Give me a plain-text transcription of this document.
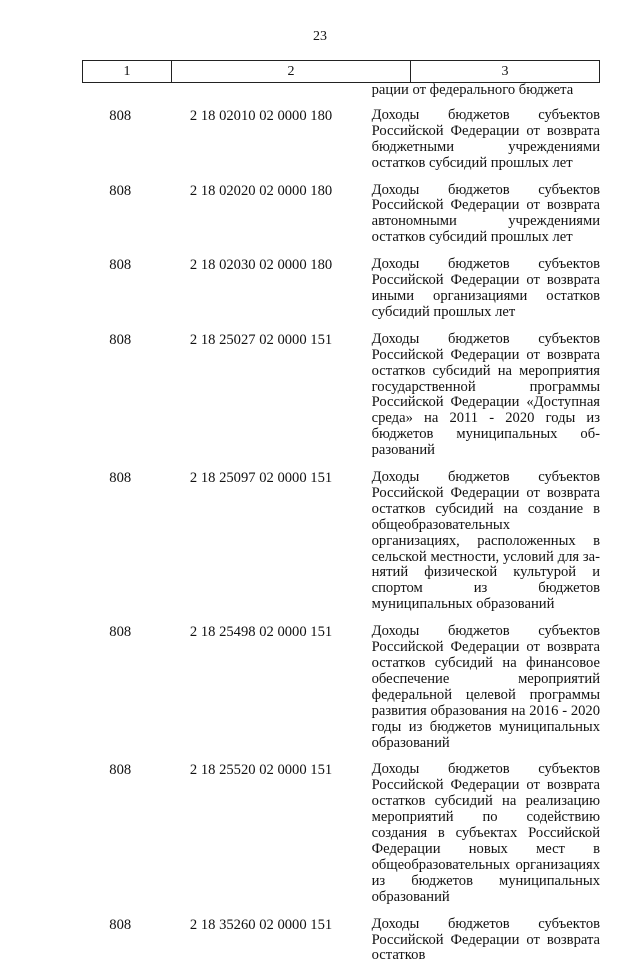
23
1	2	3
рации от федерального бюджета
808	2 18 02010 02 0000 180	Доходы бюджетов субъектов Российской Федерации от возврата бюджетными учреждениями остатков субсидий прошлых лет
808	2 18 02020 02 0000 180	Доходы бюджетов субъектов Российской Федерации от возврата автономными учреждениями остатков субсидий прошлых лет
808	2 18 02030 02 0000 180	Доходы бюджетов субъектов Российской Федерации от возврата иными организациями остатков субсидий прошлых лет
808	2 18 25027 02 0000 151	Доходы бюджетов субъектов Российской Федерации от возврата остатков субсидий на мероприятия государственной программы Российской Федерации «Доступная среда» на 2011 - 2020 годы из бюджетов муниципальных образований
808	2 18 25097 02 0000 151	Доходы бюджетов субъектов Российской Федерации от возврата остатков субсидий на создание в общеобразовательных организациях, расположенных в сельской местности, условий для занятий физической культурой и спортом из бюджетов муниципальных образований
808	2 18 25498 02 0000 151	Доходы бюджетов субъектов Российской Федерации от возврата остатков субсидий на финансовое обеспечение мероприятий федеральной целевой программы развития образования на 2016 - 2020 годы из бюджетов муниципальных образований
808	2 18 25520 02 0000 151	Доходы бюджетов субъектов Российской Федерации от возврата остатков субсидий на реализацию мероприятий по содействию создания в субъектах Российской Федерации новых мест в общеобразовательных организациях из бюджетов муниципальных образований
808	2 18 35260 02 0000 151	Доходы бюджетов субъектов Российской Федерации от возврата остатков
